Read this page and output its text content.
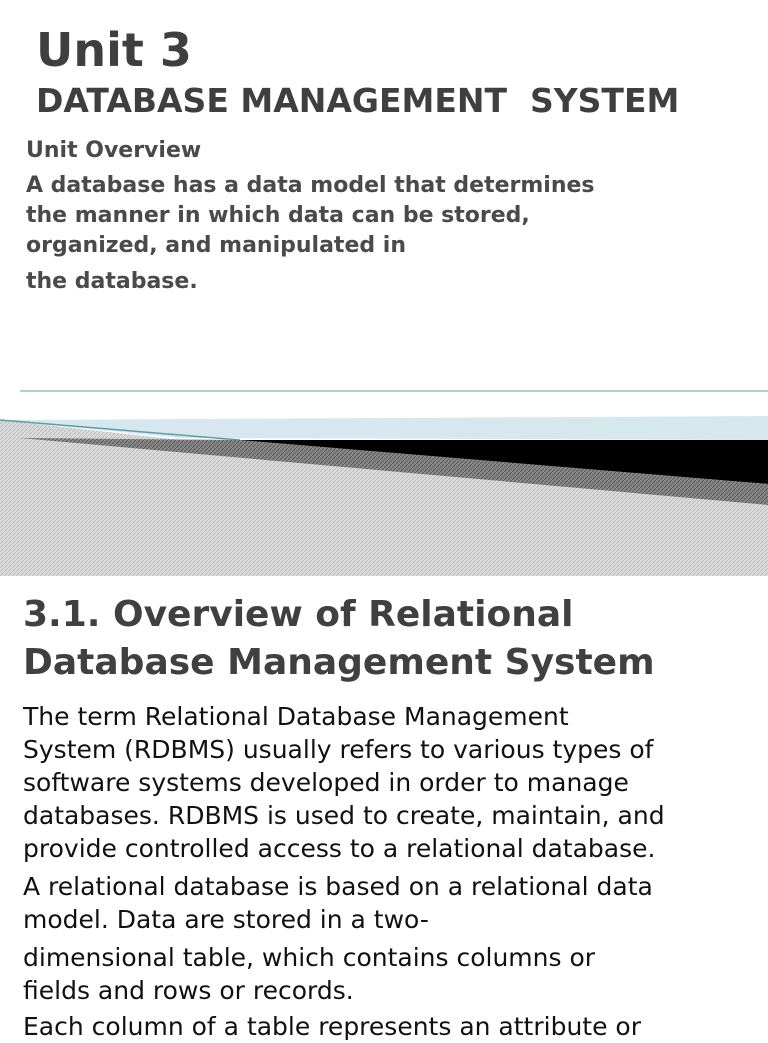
Unit 3
DATABASE MANAGEMENT  SYSTEM

Unit Overview

A database has a data model that determines

the manner in which data can be stored,

organized, and manipulated in

the database.

3.1. Overview of Relational
Database Management System

The term Relational Database Management

System (RDBMS) usually refers to various types of

software systems developed in order to manage

databases. RDBMS is used to create, maintain, and

provide controlled access to a relational database.

A relational database is based on a relational data

model. Data are stored in a two-

dimensional table, which contains columns or

fields and rows or records.

Each column of a table represents an attribute or
